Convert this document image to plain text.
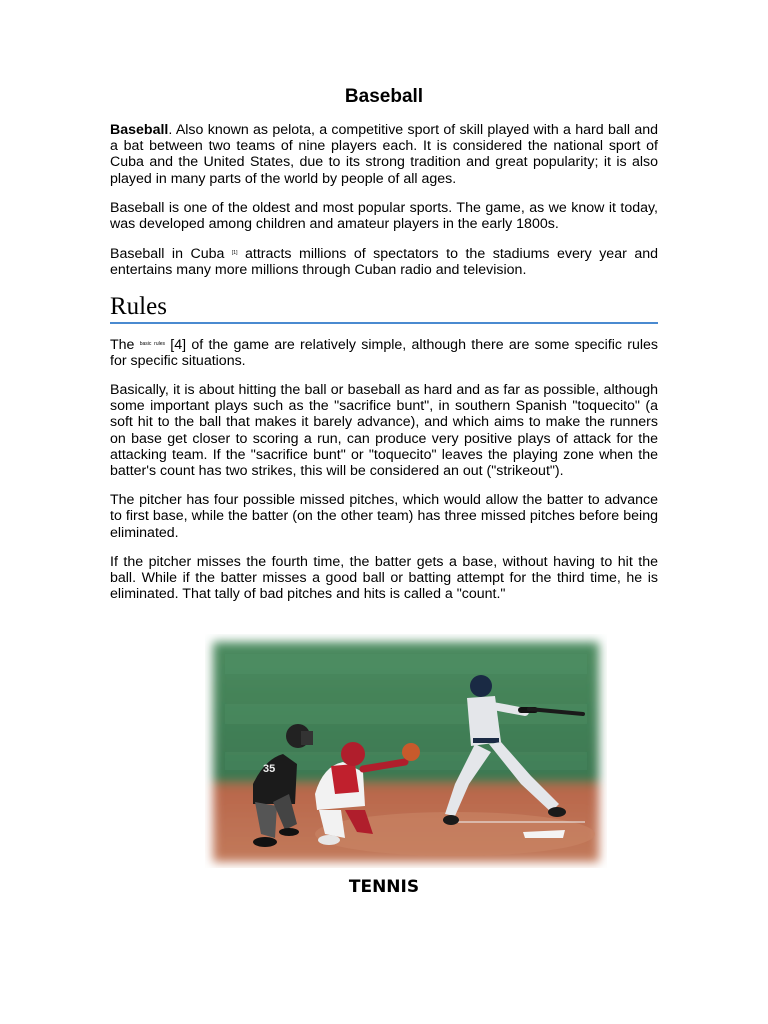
Baseball

Baseball. Also known as pelota, a competitive sport of skill played with a hard ball and a bat between two teams of nine players each. It is considered the national sport of Cuba and the United States, due to its strong tradition and great popularity; it is also played in many parts of the world by people of all ages.

Baseball is one of the oldest and most popular sports. The game, as we know it today, was developed among children and amateur players in the early 1800s.

Baseball in Cuba [1] attracts millions of spectators to the stadiums every year and entertains many more millions through Cuban radio and television.

Rules

The $^{basic rules}$ [4] of the game are relatively simple, although there are some specific rules for specific situations.

Basically, it is about hitting the ball or baseball as hard and as far as possible, although some important plays such as the "sacrifice bunt", in southern Spanish "toquecito" (a soft hit to the ball that makes it barely advance), and which aims to make the runners on base get closer to scoring a run, can produce very positive plays of attack for the attacking team. If the "sacrifice bunt" or "toquecito" leaves the playing zone when the batter's count has two strikes, this will be considered an out ("strikeout").

The pitcher has four possible missed pitches, which would allow the batter to advance to first base, while the batter (on the other team) has three missed pitches before being eliminated.

If the pitcher misses the fourth time, the batter gets a base, without having to hit the ball. While if the batter misses a good ball or batting attempt for the third time, he is eliminated. That tally of bad pitches and hits is called a "count."

35
TENNIS
